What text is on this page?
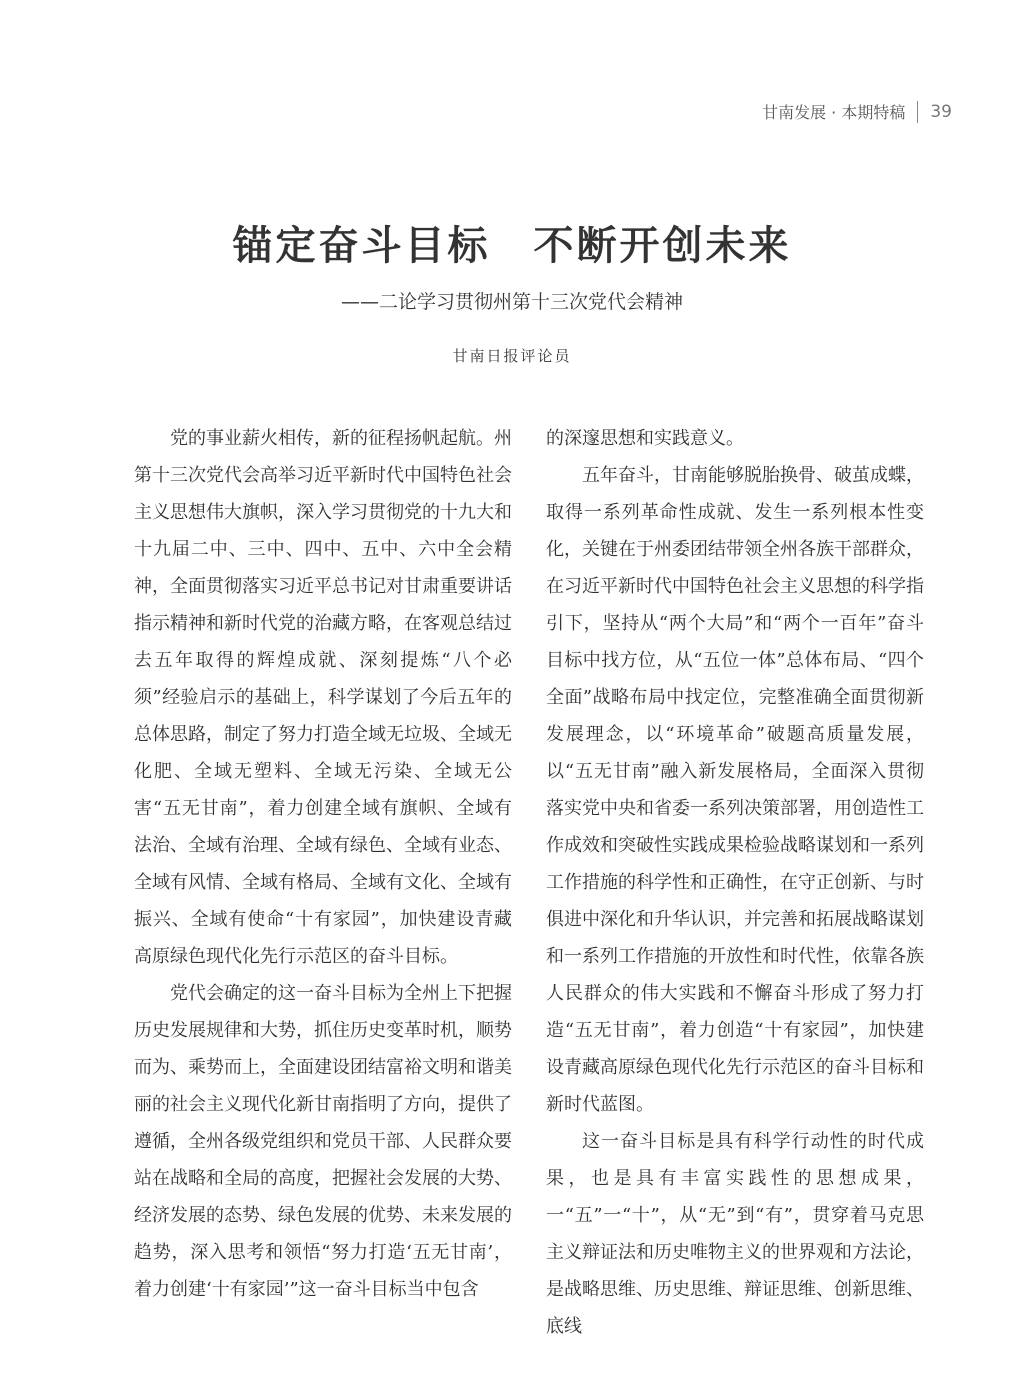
甘南发展 · 本期特稿 39
锚定奋斗目标　不断开创未来
——二论学习贯彻州第十三次党代会精神
甘南日报评论员

党的事业薪火相传，新的征程扬帆起航。州第十三次党代会高举习近平新时代中国特色社会主义思想伟大旗帜，深入学习贯彻党的十九大和十九届二中、三中、四中、五中、六中全会精神，全面贯彻落实习近平总书记对甘肃重要讲话指示精神和新时代党的治藏方略，在客观总结过去五年取得的辉煌成就、深刻提炼“八个必须”经验启示的基础上，科学谋划了今后五年的总体思路，制定了努力打造全域无垃圾、全域无化肥、全域无塑料、全域无污染、全域无公害“五无甘南”，着力创建全域有旗帜、全域有法治、全域有治理、全域有绿色、全域有业态、全域有风情、全域有格局、全域有文化、全域有振兴、全域有使命“十有家园”，加快建设青藏高原绿色现代化先行示范区的奋斗目标。

党代会确定的这一奋斗目标为全州上下把握历史发展规律和大势，抓住历史变革时机，顺势而为、乘势而上，全面建设团结富裕文明和谐美丽的社会主义现代化新甘南指明了方向，提供了遵循，全州各级党组织和党员干部、人民群众要站在战略和全局的高度，把握社会发展的大势、经济发展的态势、绿色发展的优势、未来发展的趋势，深入思考和领悟“努力打造‘五无甘南’，着力创建‘十有家园’”这一奋斗目标当中包含

的深邃思想和实践意义。

五年奋斗，甘南能够脱胎换骨、破茧成蝶，取得一系列革命性成就、发生一系列根本性变化，关键在于州委团结带领全州各族干部群众，在习近平新时代中国特色社会主义思想的科学指引下，坚持从“两个大局”和“两个一百年”奋斗目标中找方位，从“五位一体”总体布局、“四个全面”战略布局中找定位，完整准确全面贯彻新发展理念，以“环境革命”破题高质量发展，以“五无甘南”融入新发展格局，全面深入贯彻落实党中央和省委一系列决策部署，用创造性工作成效和突破性实践成果检验战略谋划和一系列工作措施的科学性和正确性，在守正创新、与时俱进中深化和升华认识，并完善和拓展战略谋划和一系列工作措施的开放性和时代性，依靠各族人民群众的伟大实践和不懈奋斗形成了努力打造“五无甘南”，着力创造“十有家园”，加快建设青藏高原绿色现代化先行示范区的奋斗目标和新时代蓝图。

这一奋斗目标是具有科学行动性的时代成果，也是具有丰富实践性的思想成果，一“五”一“十”，从“无”到“有”，贯穿着马克思主义辩证法和历史唯物主义的世界观和方法论，是战略思维、历史思维、辩证思维、创新思维、底线
